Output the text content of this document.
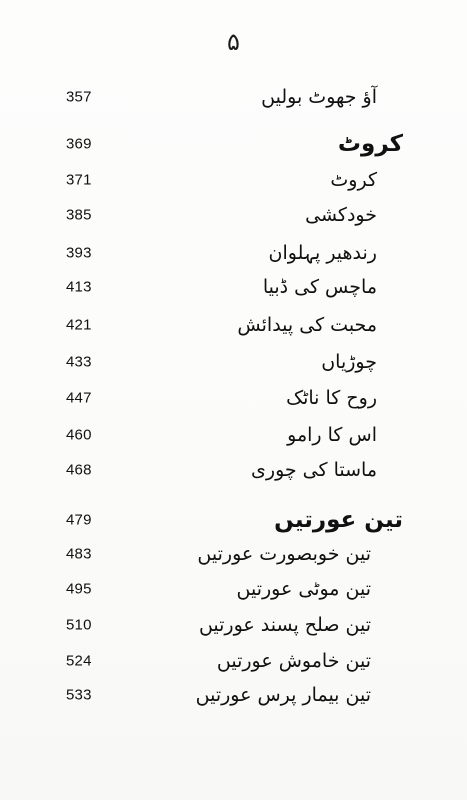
۵
آؤ جھوٹ بولیں
357
کروٹ
369
کروٹ
371
خودکشی
385
رندھیر پہلوان
393
ماچس کی ڈبیا
413
محبت کی پیدائش
421
چوڑیاں
433
روح کا ناٹک
447
اس کا رامو
460
ماستا کی چوری
468
تین عورتیں
479
تین خوبصورت عورتیں
483
تین موٹی عورتیں
495
تین صلح پسند عورتیں
510
تین خاموش عورتیں
524
تین بیمار پرس عورتیں
533
